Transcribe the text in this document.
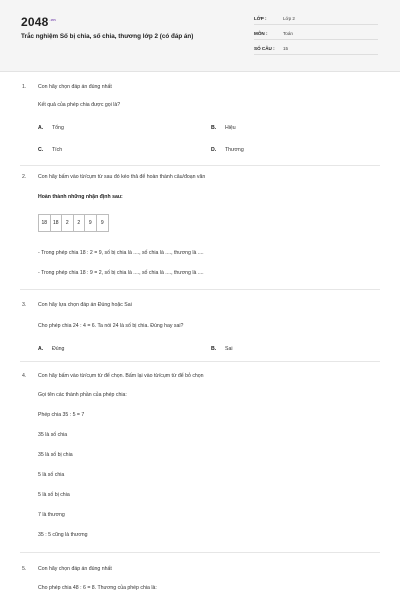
$2048^{.vn}$
Trắc nghiệm Số bị chia, số chia, thương lớp 2 (có đáp án)
LỚP :	Lớp 2
MÔN :	Toán
SỐ CÂU : 15
1. Con hãy chọn đáp án đúng nhất
Kết quả của phép chia được gọi là?
A. Tổng	B. Hiệu
C. Tích	D. Thương
2. Con hãy bấm vào từ/cụm từ sau đó kéo thả để hoàn thành câu/đoạn văn
Hoàn thành những nhận định sau:
18	18	2	2	9	9
- Trong phép chia 18 : 2 = 9, số bị chia là ...., số chia là ...., thương là ....
- Trong phép chia 18 : 9 = 2, số bị chia là ...., số chia là ...., thương là ....
3. Con hãy lựa chọn đáp án Đúng hoặc Sai
Cho phép chia 24 : 4 = 6. Ta nói 24 là số bị chia. Đúng hay sai?
A. Đúng	B. Sai
4. Con hãy bấm vào từ/cụm từ để chọn. Bấm lại vào từ/cụm từ để bỏ chọn
Gọi tên các thành phần của phép chia:
Phép chia 35 : 5 = 7
35 là số chia
35 là số bị chia
5 là số chia
5 là số bị chia
7 là thương
35 : 5 cũng là thương
5. Con hãy chọn đáp án đúng nhất
Cho phép chia 48 : 6 = 8. Thương của phép chia là:
